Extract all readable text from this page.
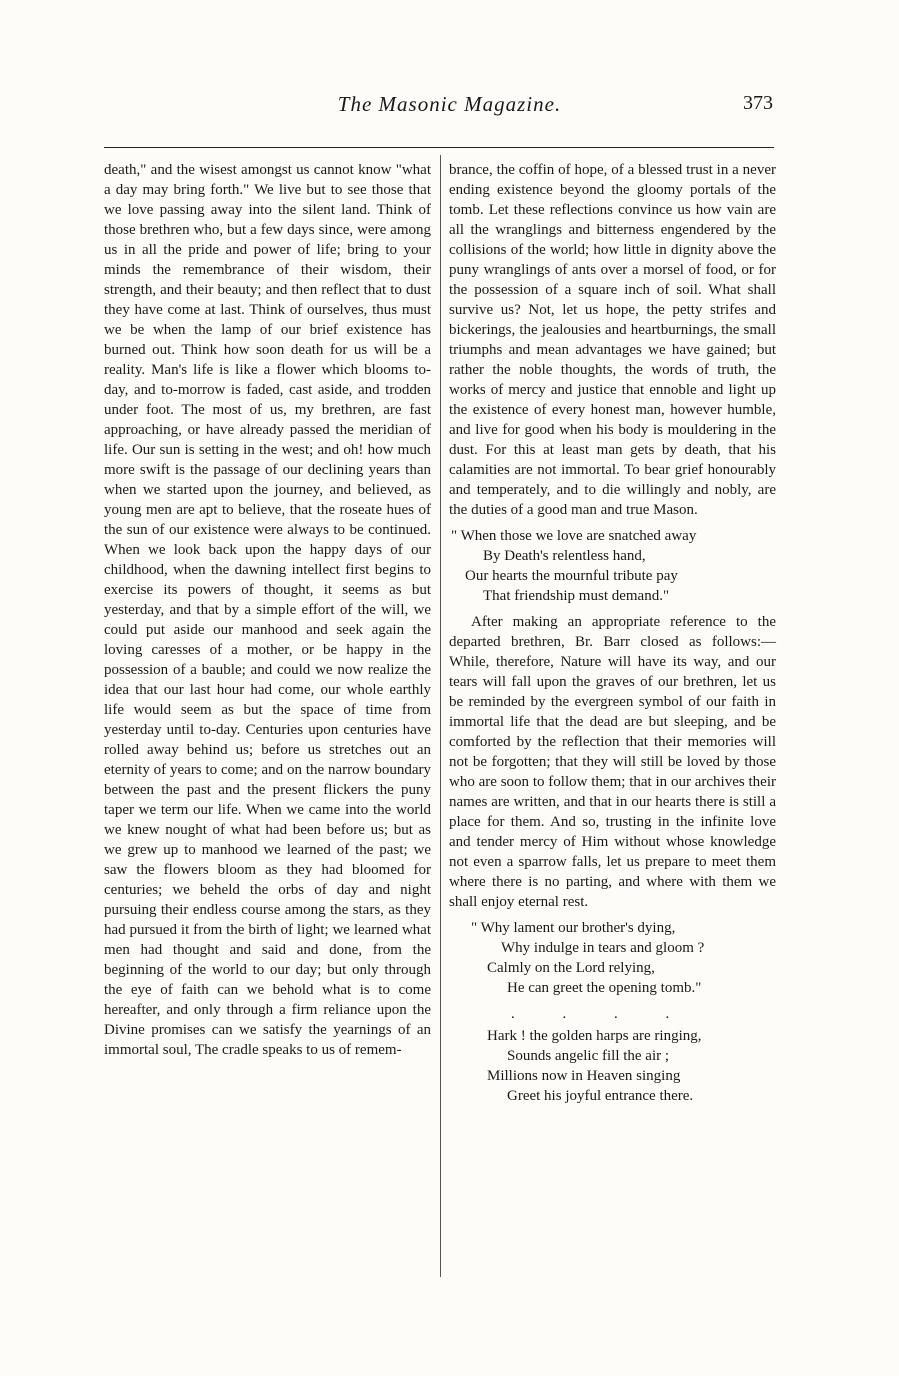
The Masonic Magazine.	373

death," and the wisest amongst us cannot know "what a day may bring forth." We live but to see those that we love passing away into the silent land. Think of those brethren who, but a few days since, were among us in all the pride and power of life; bring to your minds the remembrance of their wisdom, their strength, and their beauty; and then reflect that to dust they have come at last. Think of ourselves, thus must we be when the lamp of our brief existence has burned out. Think how soon death for us will be a reality. Man's life is like a flower which blooms to-day, and to-morrow is faded, cast aside, and trodden under foot. The most of us, my brethren, are fast approaching, or have already passed the meridian of life. Our sun is setting in the west; and oh! how much more swift is the passage of our declining years than when we started upon the journey, and believed, as young men are apt to believe, that the roseate hues of the sun of our existence were always to be continued. When we look back upon the happy days of our childhood, when the dawning intellect first begins to exercise its powers of thought, it seems as but yesterday, and that by a simple effort of the will, we could put aside our manhood and seek again the loving caresses of a mother, or be happy in the possession of a bauble; and could we now realize the idea that our last hour had come, our whole earthly life would seem as but the space of time from yesterday until to-day. Centuries upon centuries have rolled away behind us; before us stretches out an eternity of years to come; and on the narrow boundary between the past and the present flickers the puny taper we term our life. When we came into the world we knew nought of what had been before us; but as we grew up to manhood we learned of the past; we saw the flowers bloom as they had bloomed for centuries; we beheld the orbs of day and night pursuing their endless course among the stars, as they had pursued it from the birth of light; we learned what men had thought and said and done, from the beginning of the world to our day; but only through the eye of faith can we behold what is to come hereafter, and only through a firm reliance upon the Divine promises can we satisfy the yearnings of an immortal soul, The cradle speaks to us of remem-

brance, the coffin of hope, of a blessed trust in a never ending existence beyond the gloomy portals of the tomb. Let these reflections convince us how vain are all the wranglings and bitterness engendered by the collisions of the world; how little in dignity above the puny wranglings of ants over a morsel of food, or for the possession of a square inch of soil. What shall survive us? Not, let us hope, the petty strifes and bickerings, the jealousies and heartburnings, the small triumphs and mean advantages we have gained; but rather the noble thoughts, the words of truth, the works of mercy and justice that ennoble and light up the existence of every honest man, however humble, and live for good when his body is mouldering in the dust. For this at least man gets by death, that his calamities are not immortal. To bear grief honourably and temperately, and to die willingly and nobly, are the duties of a good man and true Mason.

" When those we love are snatched away
By Death's relentless hand,
Our hearts the mournful tribute pay
That friendship must demand."

After making an appropriate reference to the departed brethren, Br. Barr closed as follows:—While, therefore, Nature will have its way, and our tears will fall upon the graves of our brethren, let us be reminded by the evergreen symbol of our faith in immortal life that the dead are but sleeping, and be comforted by the reflection that their memories will not be forgotten; that they will still be loved by those who are soon to follow them; that in our archives their names are written, and that in our hearts there is still a place for them. And so, trusting in the infinite love and tender mercy of Him without whose knowledge not even a sparrow falls, let us prepare to meet them where there is no parting, and where with them we shall enjoy eternal rest.

" Why lament our brother's dying,
Why indulge in tears and gloom ?
Calmly on the Lord relying,
He can greet the opening tomb."
. . . .
Hark ! the golden harps are ringing,
Sounds angelic fill the air ;
Millions now in Heaven singing
Greet his joyful entrance there.
